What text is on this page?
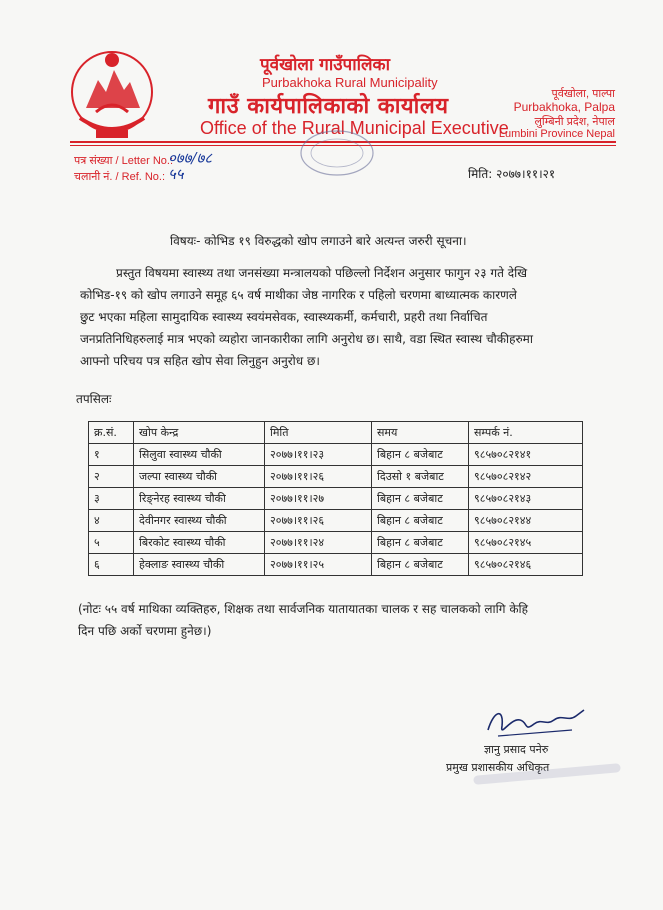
पूर्वखोला गाउँपालिका
Purbakhoka Rural Municipality
गाउँ कार्यपालिकाको कार्यालय
Office of the Rural Municipal Executive
पूर्वखोला, पाल्पा
Purbakhoka, Palpa
लुम्बिनी प्रदेश, नेपाल
Lumbini Province Nepal
पत्र संख्या / Letter No.:
०७७/७८
चलानी नं. / Ref. No.: ५५	मिति: २०७७।११।२१
विषयः- कोभिड १९ विरुद्धको खोप लगाउने बारे अत्यन्त जरुरी सूचना।

प्रस्तुत विषयमा स्वास्थ्य तथा जनसंख्या मन्त्रालयको पछिल्लो निर्देशन अनुसार फागुन २३ गते देखि

कोभिड-१९ को खोप लगाउने समूह ६५ वर्ष माथीका जेष्ठ नागरिक र पहिलो चरणमा बाध्यात्मक कारणले

छुट भएका महिला सामुदायिक स्वास्थ्य स्वयंमसेवक, स्वास्थ्यकर्मी, कर्मचारी, प्रहरी तथा निर्वाचित

जनप्रतिनिधिहरुलाई मात्र भएको व्यहोरा जानकारीका लागि अनुरोध छ। साथै, वडा स्थित स्वास्थ चौकीहरुमा

आफ्नो परिचय पत्र सहित खोप सेवा लिनुहुन अनुरोध छ।

तपसिलः
क्र.सं.	खोप केन्द्र	मिति	समय	सम्पर्क नं.
१	सिलुवा स्वास्थ्य चौकी	२०७७।११।२३	बिहान ८ बजेबाट	९८५७०८२१४१
२	जल्पा स्वास्थ्य चौकी	२०७७।११।२६	दिउसो १ बजेबाट	९८५७०८२१४२
३	रिङ्नेरह स्वास्थ्य चौकी	२०७७।११।२७	बिहान ८ बजेबाट	९८५७०८२१४३
४	देवीनगर स्वास्थ्य चौकी	२०७७।११।२६	बिहान ८ बजेबाट	९८५७०८२१४४
५	बिरकोट स्वास्थ्य चौकी	२०७७।११।२४	बिहान ८ बजेबाट	९८५७०८२१४५
६	हेक्लाङ स्वास्थ्य चौकी	२०७७।११।२५	बिहान ८ बजेबाट	९८५७०८२१४६
(नोटः ५५ वर्ष माथिका व्यक्तिहरु, शिक्षक तथा सार्वजनिक यातायातका चालक र सह चालकको लागि केहि
दिन पछि अर्को चरणमा हुनेछ।)
ज्ञानु प्रसाद पनेरु
प्रमुख प्रशासकीय अधिकृत
